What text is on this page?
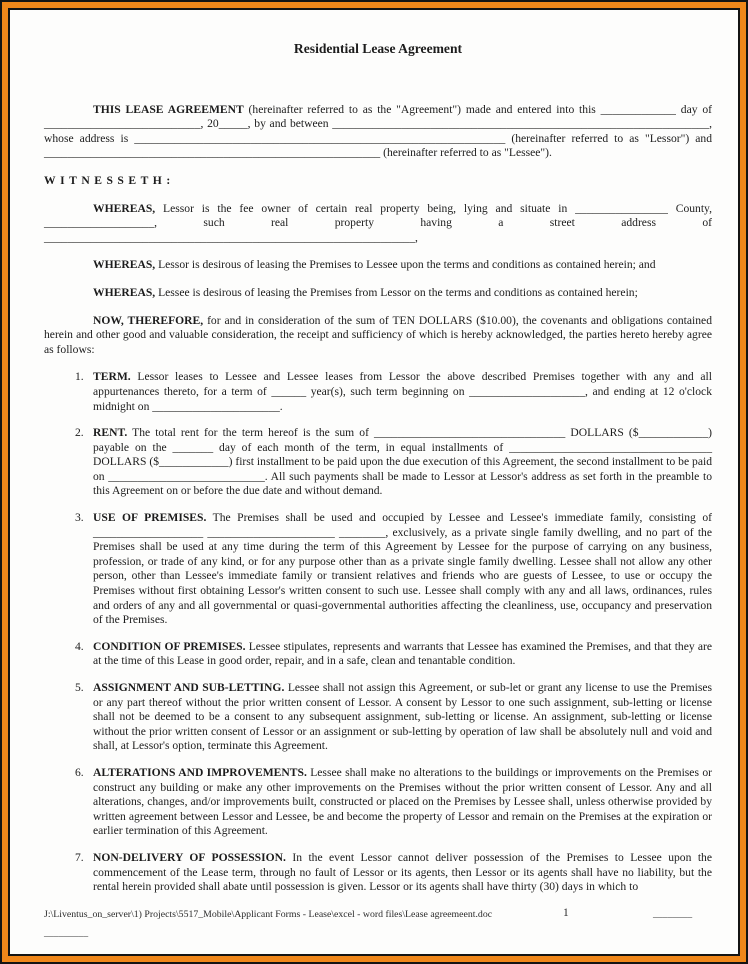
Residential Lease Agreement

THIS LEASE AGREEMENT (hereinafter referred to as the "Agreement") made and entered into this _____________ day of ___________________________, 20_____, by and between _________________________________________________________________, whose address is ________________________________________________________________ (hereinafter referred to as "Lessor") and __________________________________________________________ (hereinafter referred to as "Lessee").

WITNESSETH:

WHEREAS, Lessor is the fee owner of certain real property being, lying and situate in ________________ County, ___________________, such real property having a street address of ________________________________________________________________,

WHEREAS, Lessor is desirous of leasing the Premises to Lessee upon the terms and conditions as contained herein; and

WHEREAS, Lessee is desirous of leasing the Premises from Lessor on the terms and conditions as contained herein;

NOW, THEREFORE, for and in consideration of the sum of TEN DOLLARS ($10.00), the covenants and obligations contained herein and other good and valuable consideration, the receipt and sufficiency of which is hereby acknowledged, the parties hereto hereby agree as follows:

1. TERM. Lessor leases to Lessee and Lessee leases from Lessor the above described Premises together with any and all appurtenances thereto, for a term of ______ year(s), such term beginning on ____________________, and ending at 12 o'clock midnight on ______________________.

2. RENT. The total rent for the term hereof is the sum of _________________________________ DOLLARS ($____________) payable on the _______ day of each month of the term, in equal installments of ___________________________________ DOLLARS ($____________) first installment to be paid upon the due execution of this Agreement, the second installment to be paid on ___________________________. All such payments shall be made to Lessor at Lessor's address as set forth in the preamble to this Agreement on or before the due date and without demand.

3. USE OF PREMISES. The Premises shall be used and occupied by Lessee and Lessee's immediate family, consisting of ___________________ ______________________ ________, exclusively, as a private single family dwelling, and no part of the Premises shall be used at any time during the term of this Agreement by Lessee for the purpose of carrying on any business, profession, or trade of any kind, or for any purpose other than as a private single family dwelling. Lessee shall not allow any other person, other than Lessee's immediate family or transient relatives and friends who are guests of Lessee, to use or occupy the Premises without first obtaining Lessor's written consent to such use. Lessee shall comply with any and all laws, ordinances, rules and orders of any and all governmental or quasi-governmental authorities affecting the cleanliness, use, occupancy and preservation of the Premises.

4. CONDITION OF PREMISES. Lessee stipulates, represents and warrants that Lessee has examined the Premises, and that they are at the time of this Lease in good order, repair, and in a safe, clean and tenantable condition.

5. ASSIGNMENT AND SUB-LETTING. Lessee shall not assign this Agreement, or sub-let or grant any license to use the Premises or any part thereof without the prior written consent of Lessor. A consent by Lessor to one such assignment, sub-letting or license shall not be deemed to be a consent to any subsequent assignment, sub-letting or license. An assignment, sub-letting or license without the prior written consent of Lessor or an assignment or sub-letting by operation of law shall be absolutely null and void and shall, at Lessor's option, terminate this Agreement.

6. ALTERATIONS AND IMPROVEMENTS. Lessee shall make no alterations to the buildings or improvements on the Premises or construct any building or make any other improvements on the Premises without the prior written consent of Lessor. Any and all alterations, changes, and/or improvements built, constructed or placed on the Premises by Lessee shall, unless otherwise provided by written agreement between Lessor and Lessee, be and become the property of Lessor and remain on the Premises at the expiration or earlier termination of this Agreement.

7. NON-DELIVERY OF POSSESSION. In the event Lessor cannot deliver possession of the Premises to Lessee upon the commencement of the Lease term, through no fault of Lessor or its agents, then Lessor or its agents shall have no liability, but the rental herein provided shall abate until possession is given. Lessor or its agents shall have thirty (30) days in which to

J:\Liventus_on_server\1) Projects\5517_Mobile\Applicant Forms - Lease\excel - word files\Lease agreemeent.doc	1	________
_________
